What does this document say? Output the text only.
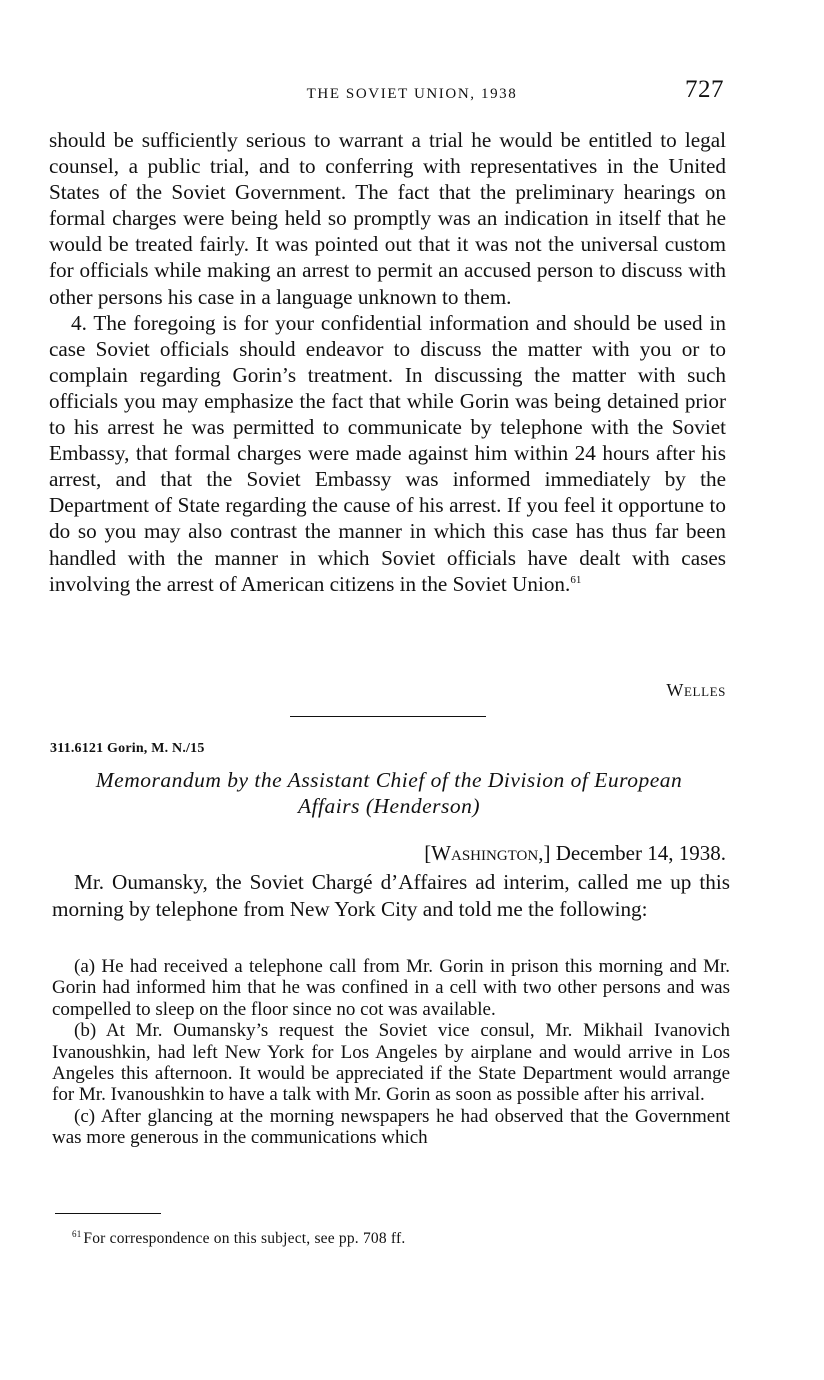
THE SOVIET UNION, 1938	727

should be sufficiently serious to warrant a trial he would be entitled to legal counsel, a public trial, and to conferring with representatives in the United States of the Soviet Government. The fact that the preliminary hearings on formal charges were being held so promptly was an indication in itself that he would be treated fairly. It was pointed out that it was not the universal custom for officials while making an arrest to permit an accused person to discuss with other persons his case in a language unknown to them.

4. The foregoing is for your confidential information and should be used in case Soviet officials should endeavor to discuss the matter with you or to complain regarding Gorin’s treatment. In discussing the matter with such officials you may emphasize the fact that while Gorin was being detained prior to his arrest he was permitted to communicate by telephone with the Soviet Embassy, that formal charges were made against him within 24 hours after his arrest, and that the Soviet Embassy was informed immediately by the Department of State regarding the cause of his arrest. If you feel it opportune to do so you may also contrast the manner in which this case has thus far been handled with the manner in which Soviet officials have dealt with cases involving the arrest of American citizens in the Soviet Union.$^{61}$

Welles
311.6121 Gorin, M. N./15
Memorandum by the Assistant Chief of the Division of European
Affairs (Henderson)
[Washington,] December 14, 1938.

Mr. Oumansky, the Soviet Chargé d’Affaires ad interim, called me up this morning by telephone from New York City and told me the following:

(a) He had received a telephone call from Mr. Gorin in prison this morning and Mr. Gorin had informed him that he was confined in a cell with two other persons and was compelled to sleep on the floor since no cot was available.

(b) At Mr. Oumansky’s request the Soviet vice consul, Mr. Mikhail Ivanovich Ivanoushkin, had left New York for Los Angeles by airplane and would arrive in Los Angeles this afternoon. It would be appreciated if the State Department would arrange for Mr. Ivanoushkin to have a talk with Mr. Gorin as soon as possible after his arrival.

(c) After glancing at the morning newspapers he had observed that the Government was more generous in the communications which

$^{61}$ For correspondence on this subject, see pp. 708 ff.
